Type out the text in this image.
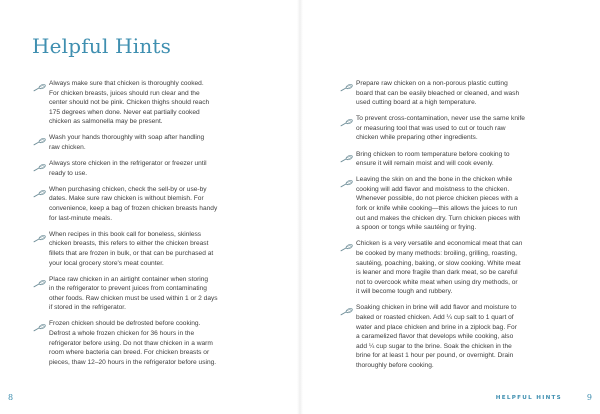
Helpful Hints
Always make sure that chicken is thoroughly cooked.
For chicken breasts, juices should run clear and the
center should not be pink. Chicken thighs should reach
175 degrees when done. Never eat partially cooked
chicken as salmonella may be present.
Wash your hands thoroughly with soap after handling
raw chicken.
Always store chicken in the refrigerator or freezer until
ready to use.
When purchasing chicken, check the sell-by or use-by
dates. Make sure raw chicken is without blemish. For
convenience, keep a bag of frozen chicken breasts handy
for last-minute meals.
When recipes in this book call for boneless, skinless
chicken breasts, this refers to either the chicken breast
fillets that are frozen in bulk, or that can be purchased at
your local grocery store's meat counter.
Place raw chicken in an airtight container when storing
in the refrigerator to prevent juices from contaminating
other foods. Raw chicken must be used within 1 or 2 days
if stored in the refrigerator.
Frozen chicken should be defrosted before cooking.
Defrost a whole frozen chicken for 36 hours in the
refrigerator before using. Do not thaw chicken in a warm
room where bacteria can breed. For chicken breasts or
pieces, thaw 12–20 hours in the refrigerator before using.
Prepare raw chicken on a non-porous plastic cutting
board that can be easily bleached or cleaned, and wash
used cutting board at a high temperature.
To prevent cross-contamination, never use the same knife
or measuring tool that was used to cut or touch raw
chicken while preparing other ingredients.
Bring chicken to room temperature before cooking to
ensure it will remain moist and will cook evenly.
Leaving the skin on and the bone in the chicken while
cooking will add flavor and moistness to the chicken.
Whenever possible, do not pierce chicken pieces with a
fork or knife while cooking—this allows the juices to run
out and makes the chicken dry. Turn chicken pieces with
a spoon or tongs while sautéing or frying.
Chicken is a very versatile and economical meat that can
be cooked by many methods: broiling, grilling, roasting,
sautéing, poaching, baking, or slow cooking. White meat
is leaner and more fragile than dark meat, so be careful
not to overcook white meat when using dry methods, or
it will become tough and rubbery.
Soaking chicken in brine will add flavor and moisture to
baked or roasted chicken. Add ¼ cup salt to 1 quart of
water and place chicken and brine in a ziplock bag. For
a caramelized flavor that develops while cooking, also
add ¼ cup sugar to the brine. Soak the chicken in the
brine for at least 1 hour per pound, or overnight. Drain
thoroughly before cooking.
8	HELPFUL HINTS	9
